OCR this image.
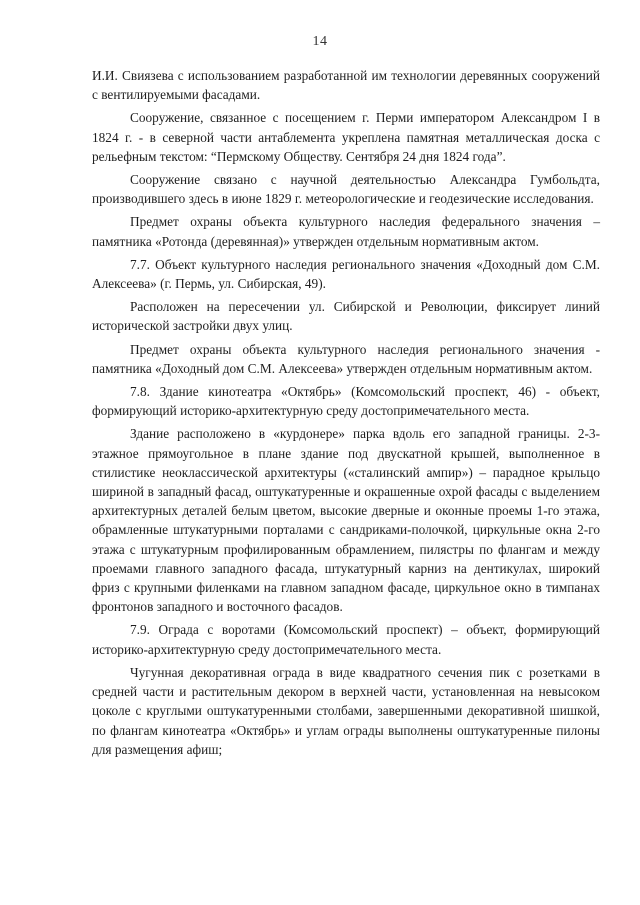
14

И.И. Свиязева с использованием разработанной им технологии деревянных сооружений с вентилируемыми фасадами.

Сооружение, связанное с посещением г. Перми императором Александром I в 1824 г. - в северной части антаблемента укреплена памятная металлическая доска с рельефным текстом: “Пермскому Обществу. Сентября 24 дня 1824 года”.

Сооружение связано с научной деятельностью Александра Гумбольдта, производившего здесь в июне 1829 г. метеорологические и геодезические исследования.

Предмет охраны объекта культурного наследия федерального значения – памятника «Ротонда (деревянная)» утвержден отдельным нормативным актом.

7.7. Объект культурного наследия регионального значения «Доходный дом С.М. Алексеева» (г. Пермь, ул. Сибирская, 49).

Расположен на пересечении ул. Сибирской и Революции, фиксирует линий исторической застройки двух улиц.

Предмет охраны объекта культурного наследия регионального значения - памятника «Доходный дом С.М. Алексеева» утвержден отдельным нормативным актом.

7.8. Здание кинотеатра «Октябрь» (Комсомольский проспект, 46) - объект, формирующий историко-архитектурную среду достопримечательного места.

Здание расположено в «курдонере» парка вдоль его западной границы. 2-3-этажное прямоугольное в плане здание под двускатной крышей, выполненное в стилистике неоклассической архитектуры («сталинский ампир») – парадное крыльцо шириной в западный фасад, оштукатуренные и окрашенные охрой фасады с выделением архитектурных деталей белым цветом, высокие дверные и оконные проемы 1-го этажа, обрамленные штукатурными порталами с сандриками-полочкой, циркульные окна 2-го этажа с штукатурным профилированным обрамлением, пилястры по флангам и между проемами главного западного фасада, штукатурный карниз на дентикулах, широкий фриз с крупными филенками на главном западном фасаде, циркульное окно в тимпанах фронтонов западного и восточного фасадов.

7.9. Ограда с воротами (Комсомольский проспект) – объект, формирующий историко-архитектурную среду достопримечательного места.

Чугунная декоративная ограда в виде квадратного сечения пик с розетками в средней части и растительным декором в верхней части, установленная на невысоком цоколе с круглыми оштукатуренными столбами, завершенными декоративной шишкой, по флангам кинотеатра «Октябрь» и углам ограды выполнены оштукатуренные пилоны для размещения афиш;
